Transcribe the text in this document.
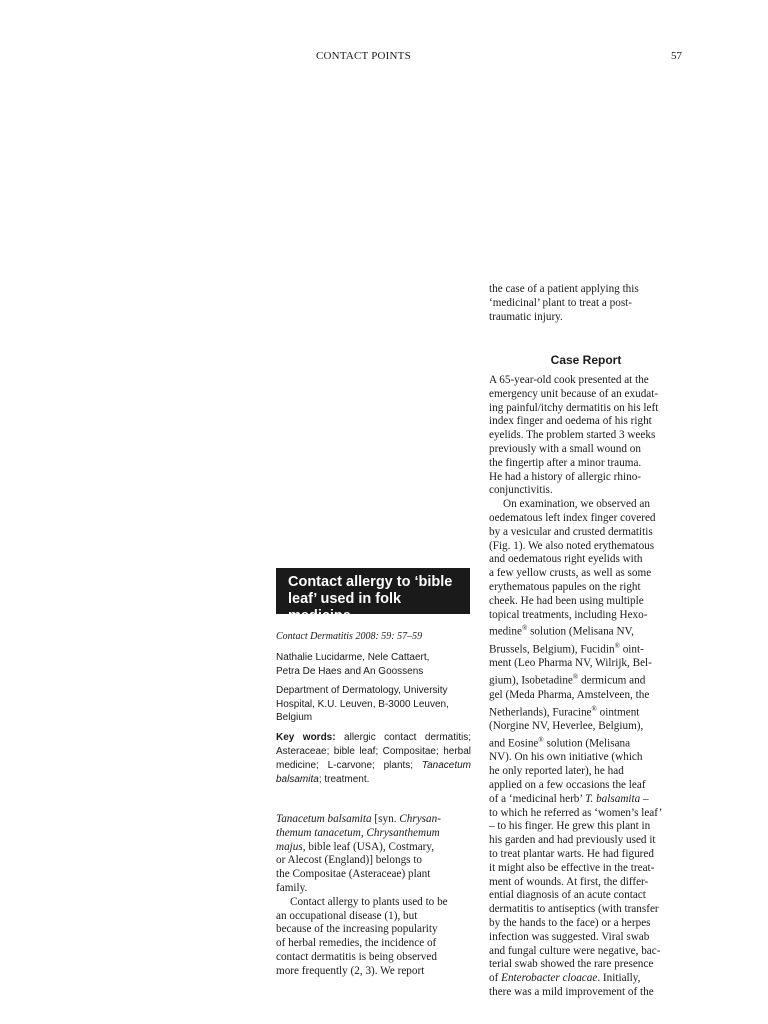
CONTACT POINTS	57

the case of a patient applying this
‘medicinal’ plant to treat a post-
traumatic injury.

Case Report

A 65-year-old cook presented at the
emergency unit because of an exudat-
ing painful/itchy dermatitis on his left
index finger and oedema of his right
eyelids. The problem started 3 weeks
previously with a small wound on
the fingertip after a minor trauma.
He had a history of allergic rhino-
conjunctivitis.

On examination, we observed an
oedematous left index finger covered
by a vesicular and crusted dermatitis
(Fig. 1). We also noted erythematous
and oedematous right eyelids with
a few yellow crusts, as well as some
erythematous papules on the right
cheek. He had been using multiple
topical treatments, including Hexo-
medine® solution (Melisana NV,
Brussels, Belgium), Fucidin® oint-
ment (Leo Pharma NV, Wilrijk, Bel-
gium), Isobetadine® dermicum and
gel (Meda Pharma, Amstelveen, the
Netherlands), Furacine® ointment
(Norgine NV, Heverlee, Belgium),
and Eosine® solution (Melisana
NV). On his own initiative (which
he only reported later), he had
applied on a few occasions the leaf
of a ‘medicinal herb’ T. balsamita –
to which he referred as ‘women’s leaf’
– to his finger. He grew this plant in
his garden and had previously used it
to treat plantar warts. He had figured
it might also be effective in the treat-
ment of wounds. At first, the differ-
ential diagnosis of an acute contact
dermatitis to antiseptics (with transfer
by the hands to the face) or a herpes
infection was suggested. Viral swab
and fungal culture were negative, bac-
terial swab showed the rare presence
of Enterobacter cloacae. Initially,
there was a mild improvement of the

Contact allergy to ‘bible
leaf’ used in folk medicine
Contact Dermatitis 2008: 59: 57–59
Nathalie Lucidarme, Nele Cattaert,
Petra De Haes and An Goossens
Department of Dermatology, University
Hospital, K.U. Leuven, B-3000 Leuven,
Belgium
Key words: allergic contact dermatitis; Asteraceae; bible leaf; Compositae; herbal medicine; L-carvone; plants; Tanacetum balsamita; treatment.

Tanacetum balsamita [syn. Chrysan-
themum tanacetum, Chrysanthemum
majus, bible leaf (USA), Costmary,
or Alecost (England)] belongs to
the Compositae (Asteraceae) plant
family.

Contact allergy to plants used to be
an occupational disease (1), but
because of the increasing popularity
of herbal remedies, the incidence of
contact dermatitis is being observed
more frequently (2, 3). We report
